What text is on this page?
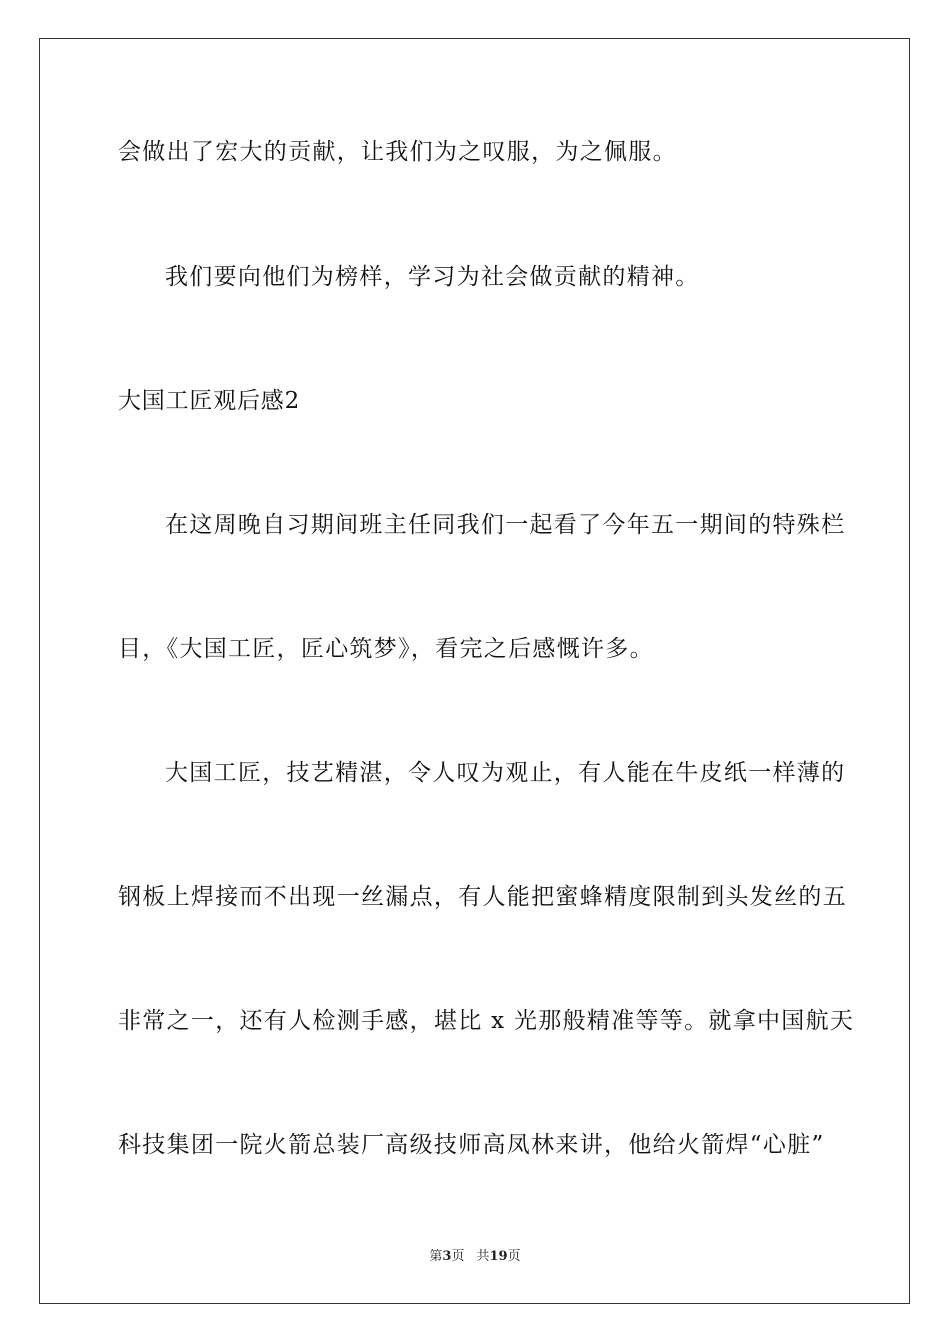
会做出了宏大的贡献，让我们为之叹服，为之佩服。
我们要向他们为榜样，学习为社会做贡献的精神。
大国工匠观后感2
在这周晚自习期间班主任同我们一起看了今年五一期间的特殊栏
目，《大国工匠，匠心筑梦》，看完之后感慨许多。
大国工匠，技艺精湛，令人叹为观止，有人能在牛皮纸一样薄的
钢板上焊接而不出现一丝漏点，有人能把蜜蜂精度限制到头发丝的五
非常之一，还有人检测手感，堪比 x 光那般精准等等。就拿中国航天
科技集团一院火箭总装厂高级技师高凤林来讲，他给火箭焊“心脏”
第3页 共19页
